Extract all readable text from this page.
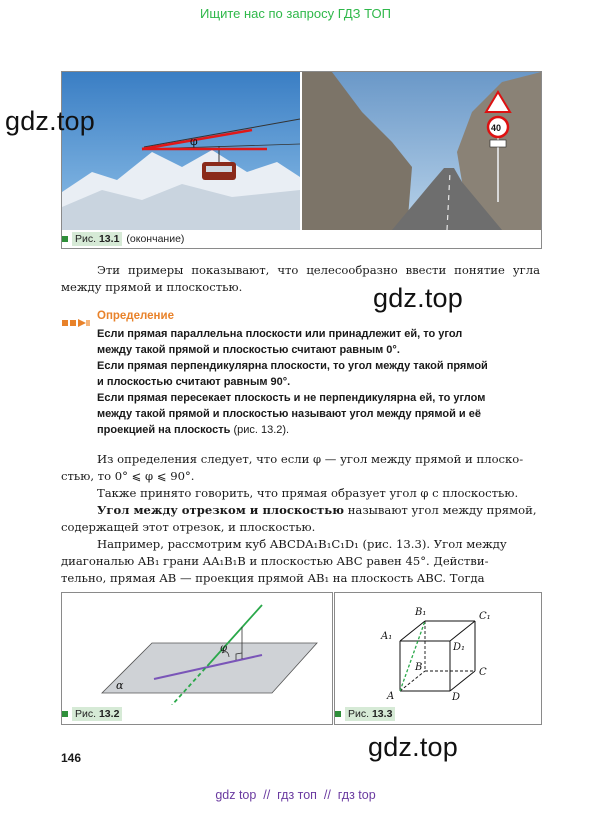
Ищите нас по запросу ГДЗ ТОП
φ
40
Рис. 13.1 (окончание)
gdz.top
gdz.top
gdz.top
Эти примеры показывают, что целесообразно ввести понятие угла между прямой и плоскостью.
Определение
Если прямая параллельна плоскости или принадлежит ей, то угол
между такой прямой и плоскостью считают равным 0°.
Если прямая перпендикулярна плоскости, то угол между такой прямой
и плоскостью считают равным 90°.
Если прямая пересекает плоскость и не перпендикулярна ей, то углом
между такой прямой и плоскостью называют угол между прямой и её
проекцией на плоскость (рис. 13.2).
Из определения следует, что если φ — угол между прямой и плоско-
стью, то 0° ⩽ φ ⩽ 90°.
Также принято говорить, что прямая образует угол φ с плоскостью.
Угол между отрезком и плоскостью называют угол между прямой,
содержащей этот отрезок, и плоскостью.
Например, рассмотрим куб ABCDA₁B₁C₁D₁ (рис. 13.3). Угол между
диагональю AB₁ грани AA₁B₁B и плоскостью ABC равен 45°. Действи-
тельно, прямая AB — проекция прямой AB₁ на плоскость ABC. Тогда
φ
α
Рис. 13.2
A	D
C
B
A₁
B₁	C₁
D₁
Рис. 13.3
146
gdz top  //  гдз топ  //  гдз top
